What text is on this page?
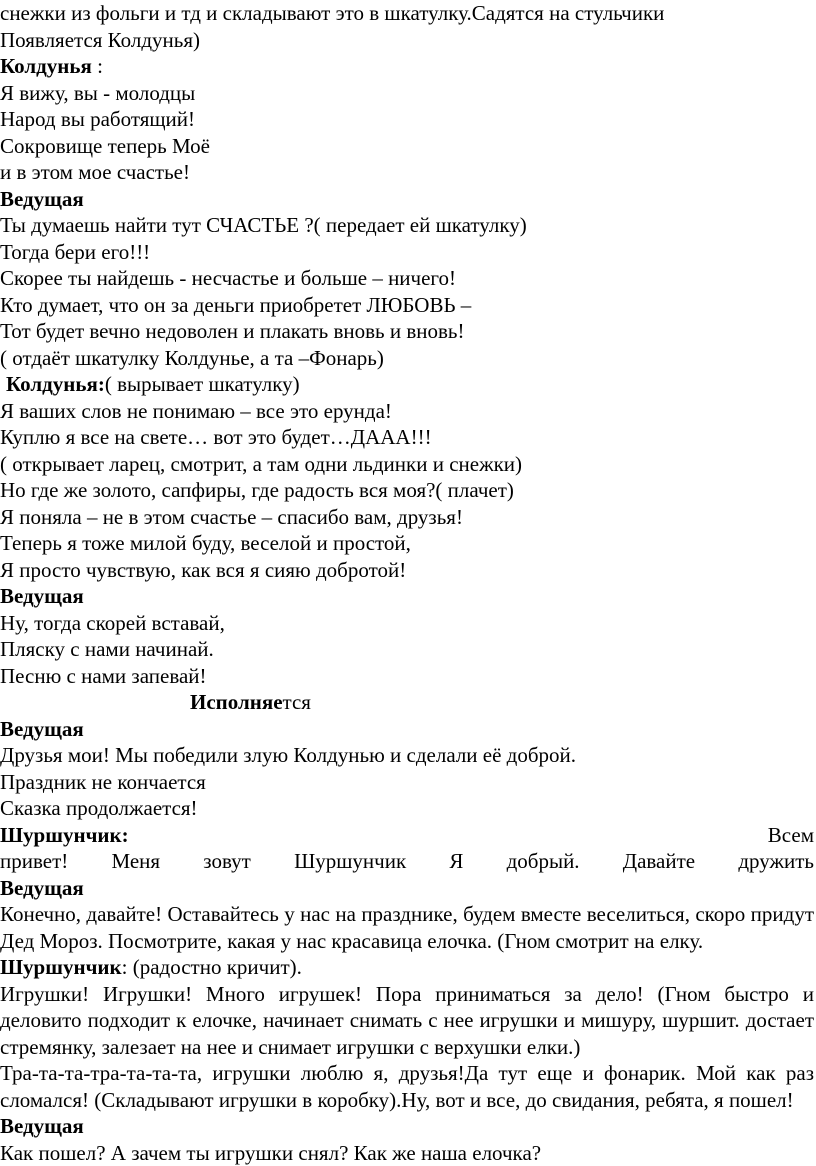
снежки из фольги и тд и складывают это в шкатулку.Садятся на стульчики
Появляется Колдунья)
Колдунья :
Я вижу, вы - молодцы
Народ вы работящий!
Сокровище теперь Моё
и в этом мое счастье!
Ведущая
Ты думаешь найти тут СЧАСТЬЕ ?( передает ей шкатулку)
Тогда бери его!!!
Скорее ты найдешь - несчастье и больше – ничего!
Кто думает, что он за деньги приобретет ЛЮБОВЬ –
Тот будет вечно недоволен и плакать вновь и вновь!
( отдаёт шкатулку Колдунье, а та –Фонарь)
Колдунья:( вырывает шкатулку)
Я ваших слов не понимаю – все это ерунда!
Куплю я все на свете… вот это будет…ДААА!!!
( открывает ларец, смотрит, а там одни льдинки и снежки)
Но где же золото, сапфиры, где радость вся моя?( плачет)
Я поняла – не в этом счастье – спасибо вам, друзья!
Теперь я тоже милой буду, веселой и простой,
Я просто чувствую, как вся я сияю добротой!
Ведущая
Ну, тогда скорей вставай,
Пляску с нами начинай.
Песню с нами запевай!
Исполняется
Ведущая
Друзья мои! Мы победили злую Колдунью и сделали её доброй.
Праздник не кончается
Сказка продолжается!
Шуршунчик:	Всем
привет! Меня зовут Шуршунчик Я добрый. Давайте дружить
Ведущая
Конечно, давайте! Оставайтесь у нас на празднике, будем вместе веселиться, скоро придут Дед Мороз. Посмотрите, какая у нас красавица елочка. (Гном смотрит на елку.
Шуршунчик: (радостно кричит).
Игрушки! Игрушки! Много игрушек! Пора приниматься за дело! (Гном быстро и деловито подходит к елочке, начинает снимать с нее игрушки и мишуру, шуршит. достает стремянку, залезает на нее и снимает игрушки с верхушки елки.)
Тра-та-та-тра-та-та-та, игрушки люблю я, друзья!Да тут еще и фонарик. Мой как раз сломался! (Складывают игрушки в коробку).Ну, вот и все, до свидания, ребята, я пошел!
Ведущая
Как пошел? А зачем ты игрушки снял? Как же наша елочка?
